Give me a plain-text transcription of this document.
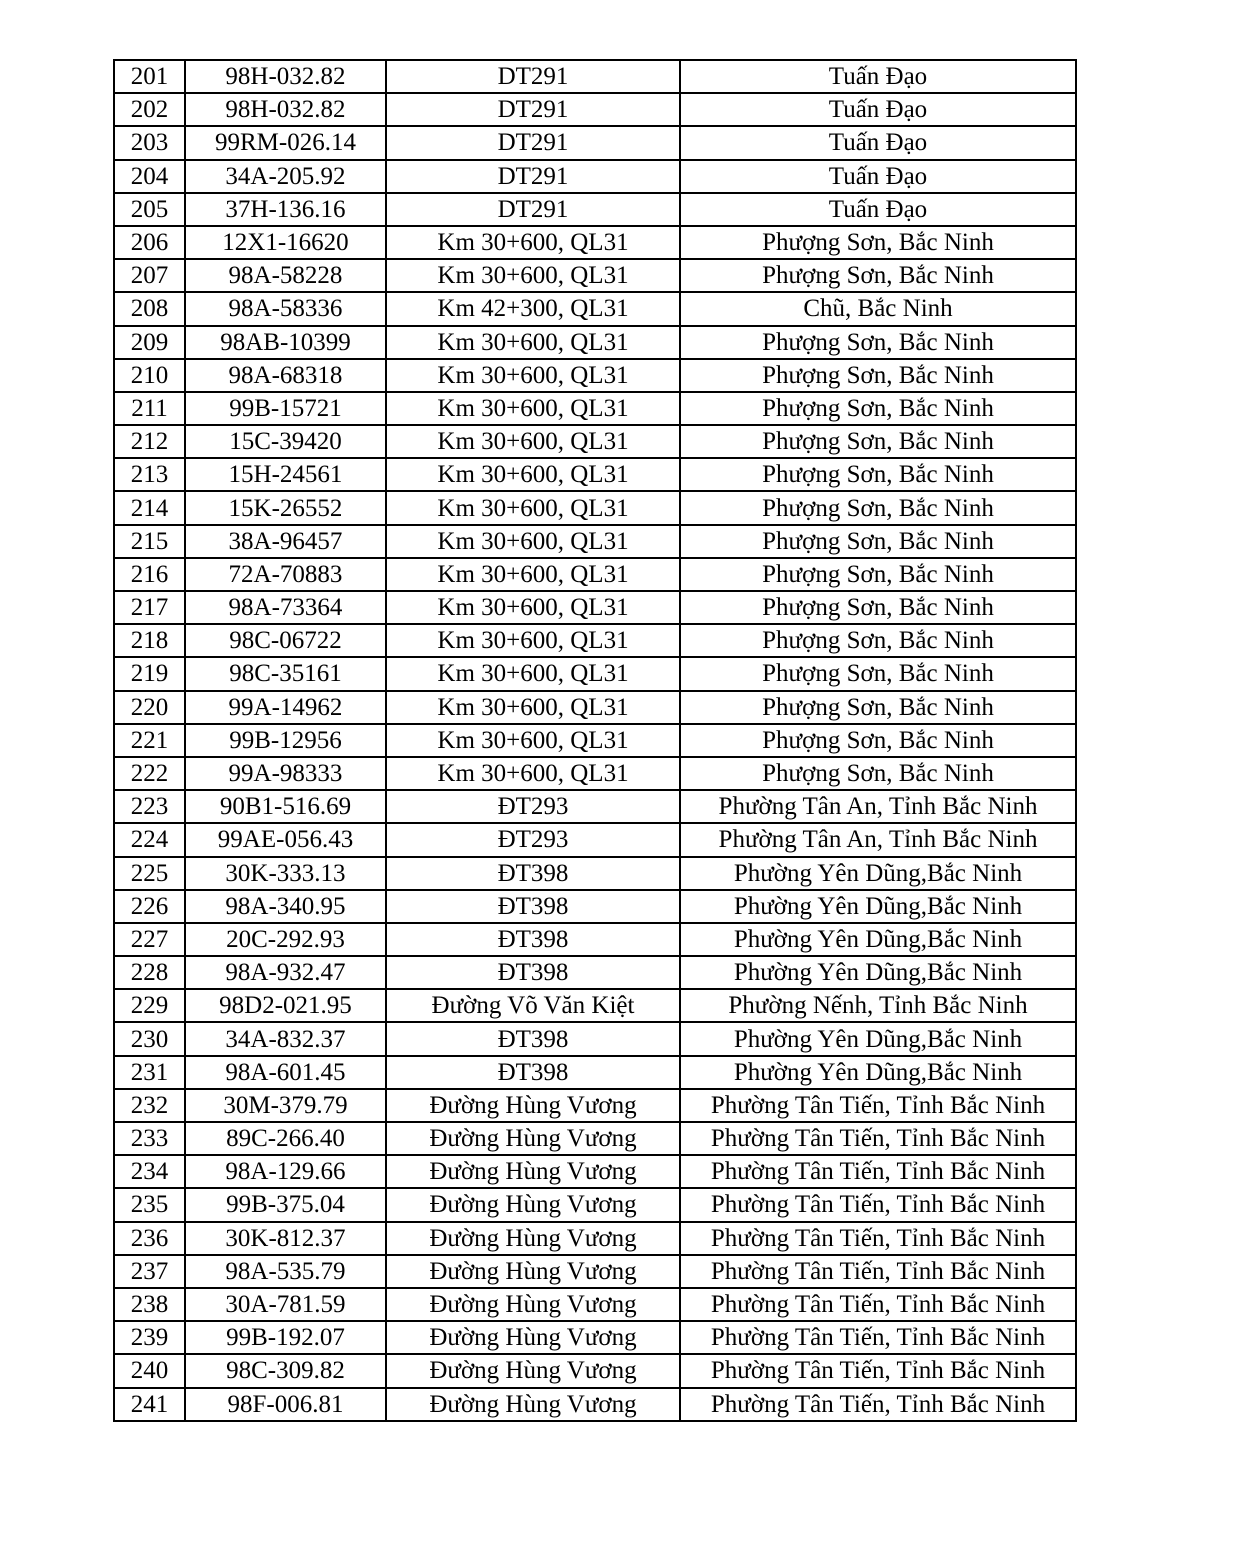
201	98H-032.82	DT291	Tuấn Đạo
202	98H-032.82	DT291	Tuấn Đạo
203	99RM-026.14	DT291	Tuấn Đạo
204	34A-205.92	DT291	Tuấn Đạo
205	37H-136.16	DT291	Tuấn Đạo
206	12X1-16620	Km 30+600, QL31	Phượng Sơn, Bắc Ninh
207	98A-58228	Km 30+600, QL31	Phượng Sơn, Bắc Ninh
208	98A-58336	Km 42+300, QL31	Chũ, Bắc Ninh
209	98AB-10399	Km 30+600, QL31	Phượng Sơn, Bắc Ninh
210	98A-68318	Km 30+600, QL31	Phượng Sơn, Bắc Ninh
211	99B-15721	Km 30+600, QL31	Phượng Sơn, Bắc Ninh
212	15C-39420	Km 30+600, QL31	Phượng Sơn, Bắc Ninh
213	15H-24561	Km 30+600, QL31	Phượng Sơn, Bắc Ninh
214	15K-26552	Km 30+600, QL31	Phượng Sơn, Bắc Ninh
215	38A-96457	Km 30+600, QL31	Phượng Sơn, Bắc Ninh
216	72A-70883	Km 30+600, QL31	Phượng Sơn, Bắc Ninh
217	98A-73364	Km 30+600, QL31	Phượng Sơn, Bắc Ninh
218	98C-06722	Km 30+600, QL31	Phượng Sơn, Bắc Ninh
219	98C-35161	Km 30+600, QL31	Phượng Sơn, Bắc Ninh
220	99A-14962	Km 30+600, QL31	Phượng Sơn, Bắc Ninh
221	99B-12956	Km 30+600, QL31	Phượng Sơn, Bắc Ninh
222	99A-98333	Km 30+600, QL31	Phượng Sơn, Bắc Ninh
223	90B1-516.69	ĐT293	Phường Tân An, Tỉnh Bắc Ninh
224	99AE-056.43	ĐT293	Phường Tân An, Tỉnh Bắc Ninh
225	30K-333.13	ĐT398	Phường Yên Dũng,Bắc Ninh
226	98A-340.95	ĐT398	Phường Yên Dũng,Bắc Ninh
227	20C-292.93	ĐT398	Phường Yên Dũng,Bắc Ninh
228	98A-932.47	ĐT398	Phường Yên Dũng,Bắc Ninh
229	98D2-021.95	Đường Võ Văn Kiệt	Phường Nếnh, Tỉnh Bắc Ninh
230	34A-832.37	ĐT398	Phường Yên Dũng,Bắc Ninh
231	98A-601.45	ĐT398	Phường Yên Dũng,Bắc Ninh
232	30M-379.79	Đường Hùng Vương	Phường Tân Tiến, Tỉnh Bắc Ninh
233	89C-266.40	Đường Hùng Vương	Phường Tân Tiến, Tỉnh Bắc Ninh
234	98A-129.66	Đường Hùng Vương	Phường Tân Tiến, Tỉnh Bắc Ninh
235	99B-375.04	Đường Hùng Vương	Phường Tân Tiến, Tỉnh Bắc Ninh
236	30K-812.37	Đường Hùng Vương	Phường Tân Tiến, Tỉnh Bắc Ninh
237	98A-535.79	Đường Hùng Vương	Phường Tân Tiến, Tỉnh Bắc Ninh
238	30A-781.59	Đường Hùng Vương	Phường Tân Tiến, Tỉnh Bắc Ninh
239	99B-192.07	Đường Hùng Vương	Phường Tân Tiến, Tỉnh Bắc Ninh
240	98C-309.82	Đường Hùng Vương	Phường Tân Tiến, Tỉnh Bắc Ninh
241	98F-006.81	Đường Hùng Vương	Phường Tân Tiến, Tỉnh Bắc Ninh
